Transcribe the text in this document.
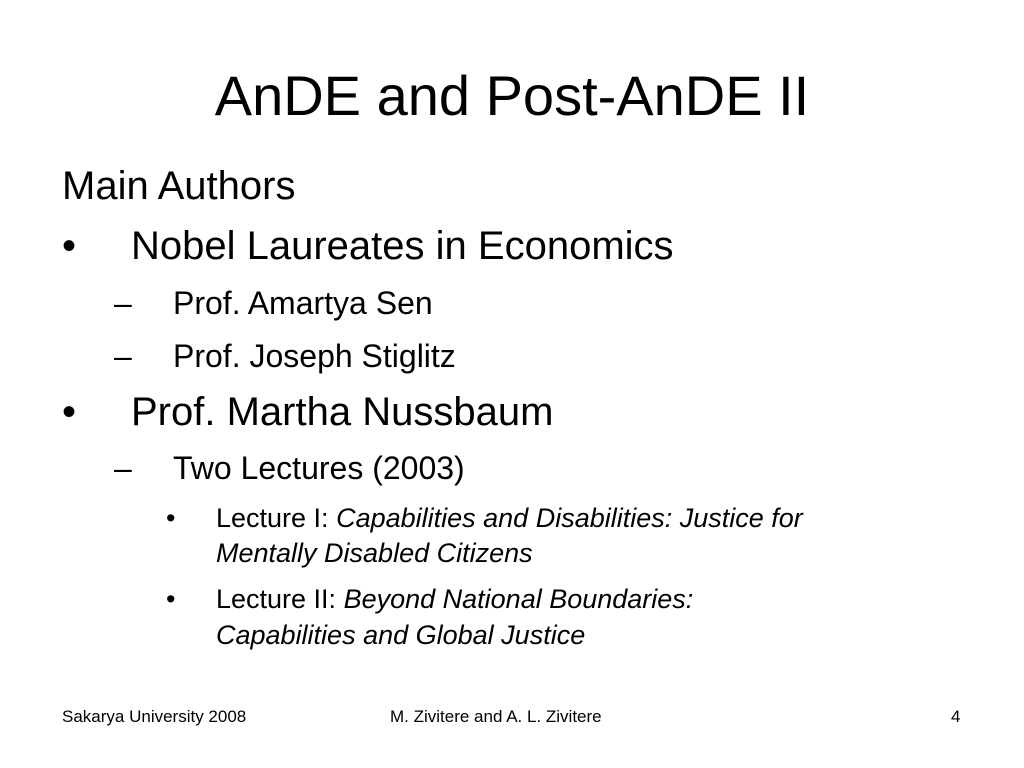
AnDE and Post-AnDE II
Main Authors
• Nobel Laureates in Economics
– Prof. Amartya Sen
– Prof. Joseph Stiglitz
• Prof. Martha Nussbaum
– Two Lectures (2003)
• Lecture I: Capabilities and Disabilities: Justice for
Mentally Disabled Citizens
• Lecture II: Beyond National Boundaries:
Capabilities and Global Justice
Sakarya University 2008	M. Zivitere and A. L. Zivitere	4
